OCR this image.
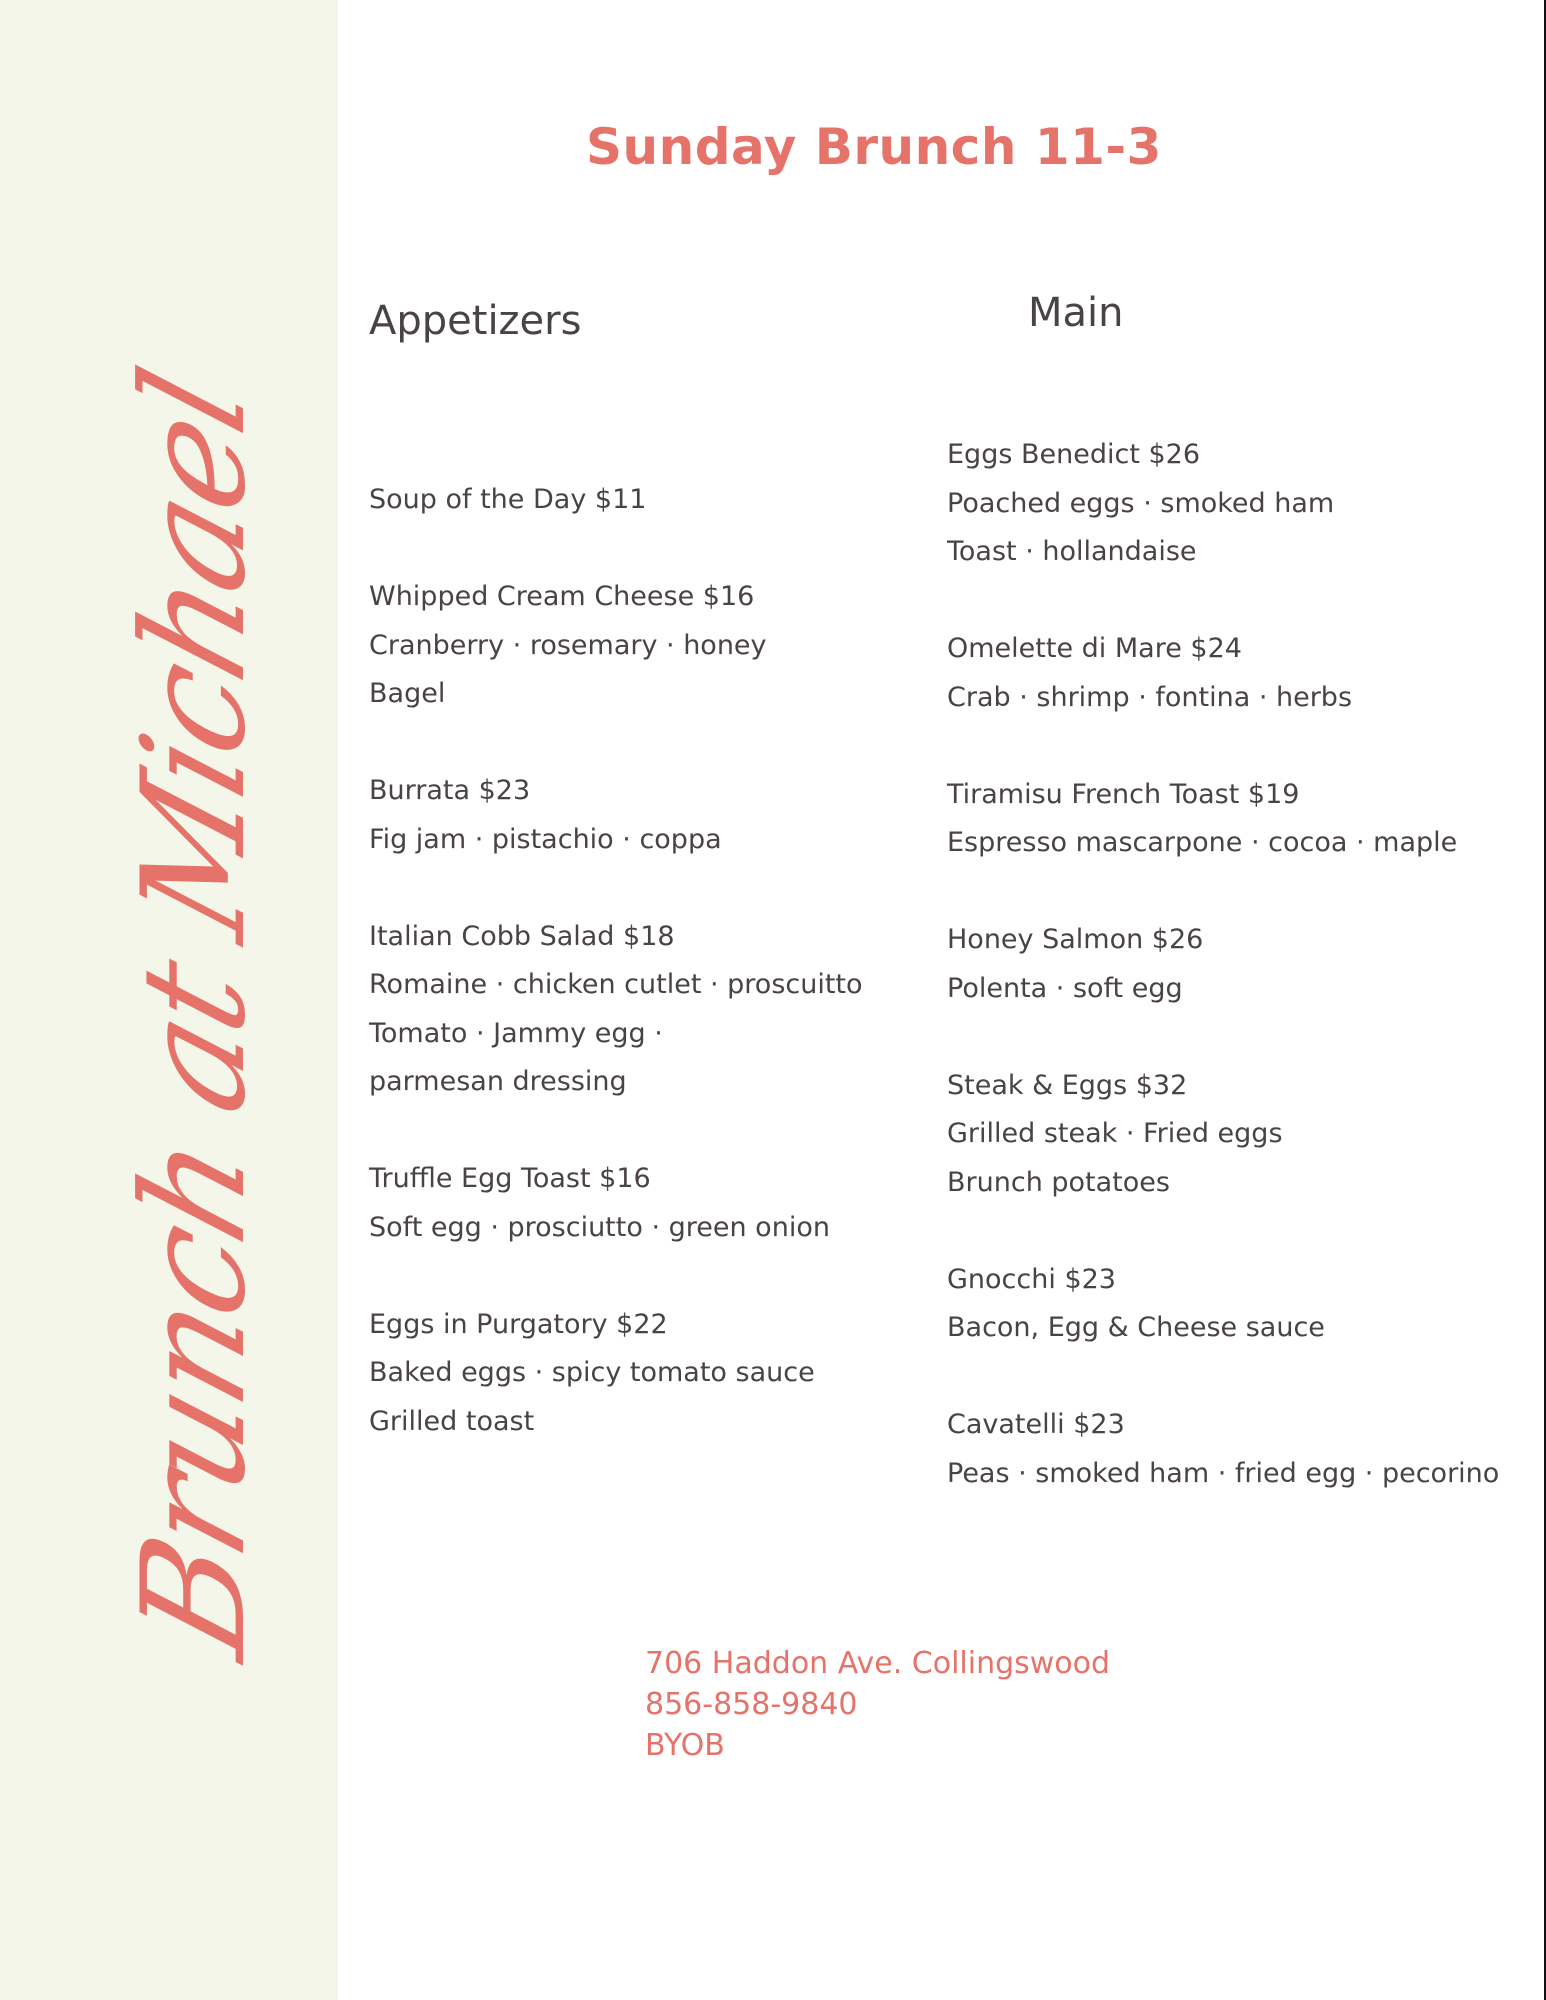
Brunch at Michael
Sunday Brunch 11-3
Appetizers	Main
Soup of the Day $11
Whipped Cream Cheese $16
Cranberry · rosemary · honey
Bagel
Burrata $23
Fig jam · pistachio · coppa
Italian Cobb Salad $18
Romaine · chicken cutlet · proscuitto
Tomato · Jammy egg ·
parmesan dressing
Truffle Egg Toast $16
Soft egg · prosciutto · green onion
Eggs in Purgatory $22
Baked eggs · spicy tomato sauce
Grilled toast
Eggs Benedict $26
Poached eggs · smoked ham
Toast · hollandaise
Omelette di Mare $24
Crab · shrimp · fontina · herbs
Tiramisu French Toast $19
Espresso mascarpone · cocoa · maple
Honey Salmon $26
Polenta · soft egg
Steak & Eggs $32
Grilled steak · Fried eggs
Brunch potatoes
Gnocchi $23
Bacon, Egg & Cheese sauce
Cavatelli $23
Peas · smoked ham · fried egg · pecorino
706 Haddon Ave. Collingswood
856-858-9840
BYOB
